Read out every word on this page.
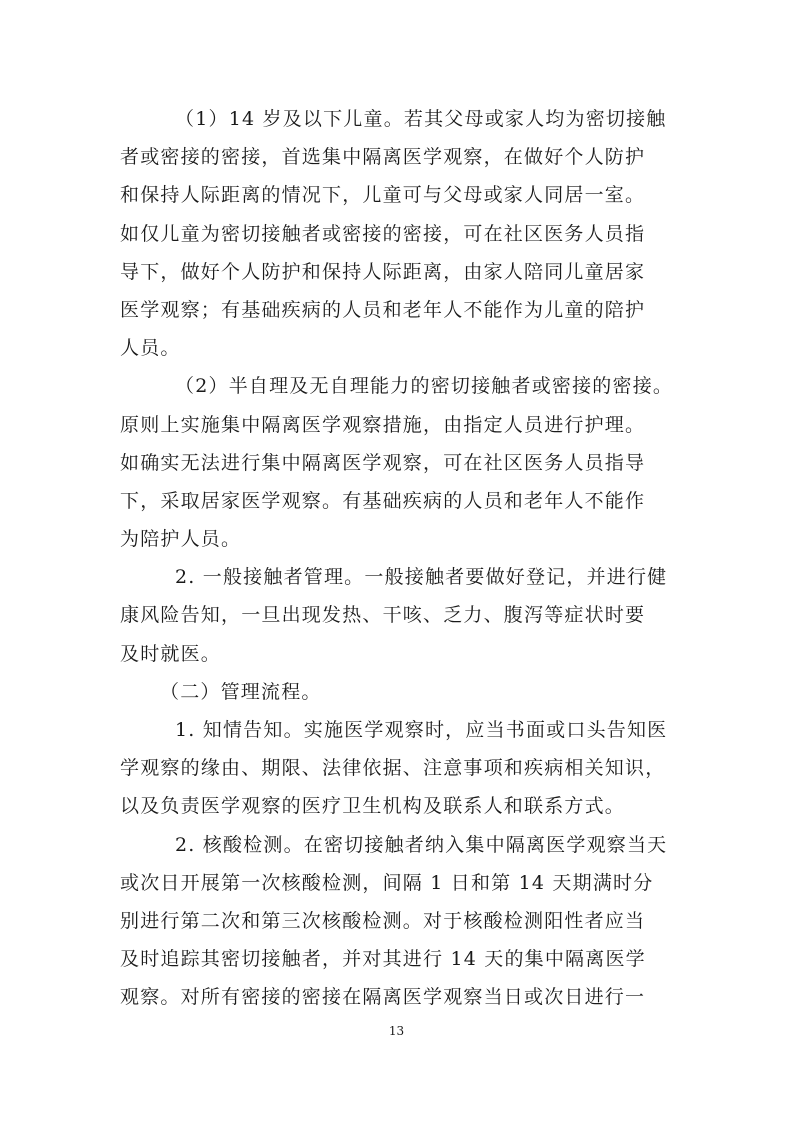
（1）14 岁及以下儿童。若其父母或家人均为密切接触
者或密接的密接，首选集中隔离医学观察，在做好个人防护
和保持人际距离的情况下，儿童可与父母或家人同居一室。
如仅儿童为密切接触者或密接的密接，可在社区医务人员指
导下，做好个人防护和保持人际距离，由家人陪同儿童居家
医学观察；有基础疾病的人员和老年人不能作为儿童的陪护
人员。
（2）半自理及无自理能力的密切接触者或密接的密接。
原则上实施集中隔离医学观察措施，由指定人员进行护理。
如确实无法进行集中隔离医学观察，可在社区医务人员指导
下，采取居家医学观察。有基础疾病的人员和老年人不能作
为陪护人员。
2. 一般接触者管理。一般接触者要做好登记，并进行健
康风险告知，一旦出现发热、干咳、乏力、腹泻等症状时要
及时就医。
（二）管理流程。
1. 知情告知。实施医学观察时，应当书面或口头告知医
学观察的缘由、期限、法律依据、注意事项和疾病相关知识，
以及负责医学观察的医疗卫生机构及联系人和联系方式。
2. 核酸检测。在密切接触者纳入集中隔离医学观察当天
或次日开展第一次核酸检测，间隔 1 日和第 14 天期满时分
别进行第二次和第三次核酸检测。对于核酸检测阳性者应当
及时追踪其密切接触者，并对其进行 14 天的集中隔离医学
观察。对所有密接的密接在隔离医学观察当日或次日进行一
13
